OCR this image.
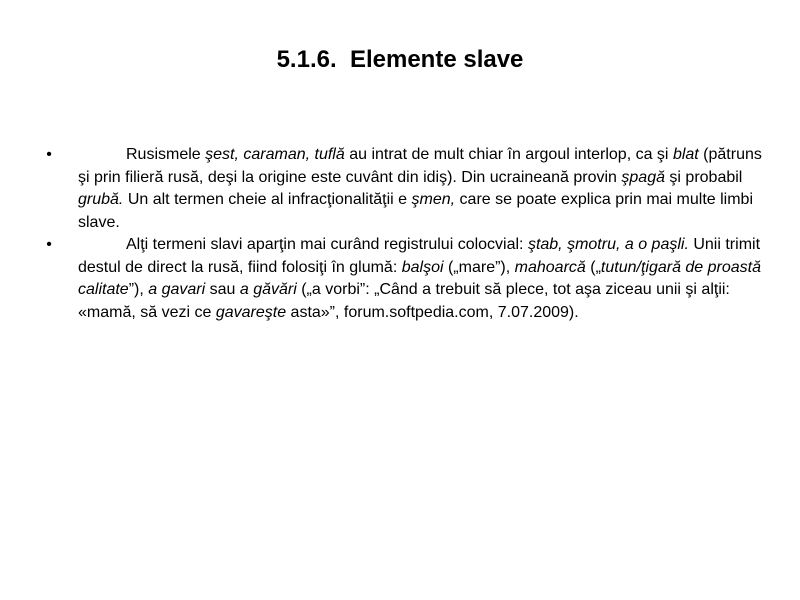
5.1.6.  Elemente slave
•	Rusismele şest, caraman, tuflă au intrat de mult chiar în argoul interlop, ca şi blat (pătruns şi prin filieră rusă, deşi la origine este cuvânt din idiş). Din ucraineană provin şpagă şi probabil grubă. Un alt termen cheie al infracţionalităţii e şmen, care se poate explica prin mai multe limbi slave.
•	Alţi termeni slavi aparţin mai curând registrului colocvial: ştab, şmotru, a o paşli. Unii trimit destul de direct la rusă, fiind folosiţi în glumă: balşoi („mare”), mahoarcă („tutun/ţigară de proastă calitate”), a gavari sau a găvări („a vorbi”: „Când a trebuit să plece, tot aşa ziceau unii şi alţii: «mamă, să vezi ce gavareşte asta»”, forum.softpedia.com, 7.07.2009).
